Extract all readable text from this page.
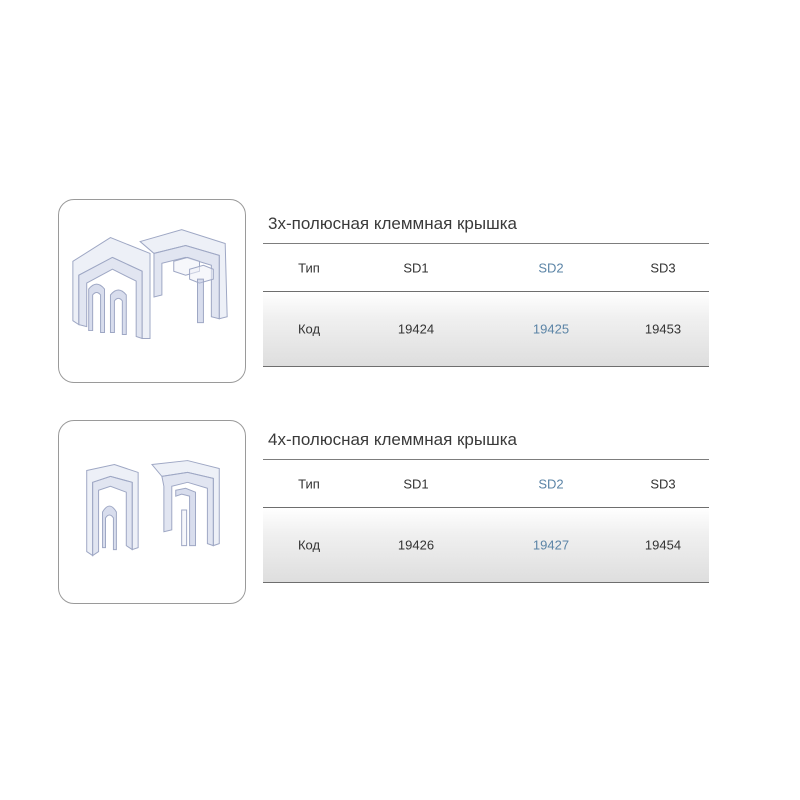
3х-полюсная клеммная крышка
Тип	SD1	SD2	SD3
Код	19424	19425	19453
4х-полюсная клеммная крышка
Тип	SD1	SD2	SD3
Код	19426	19427	19454
